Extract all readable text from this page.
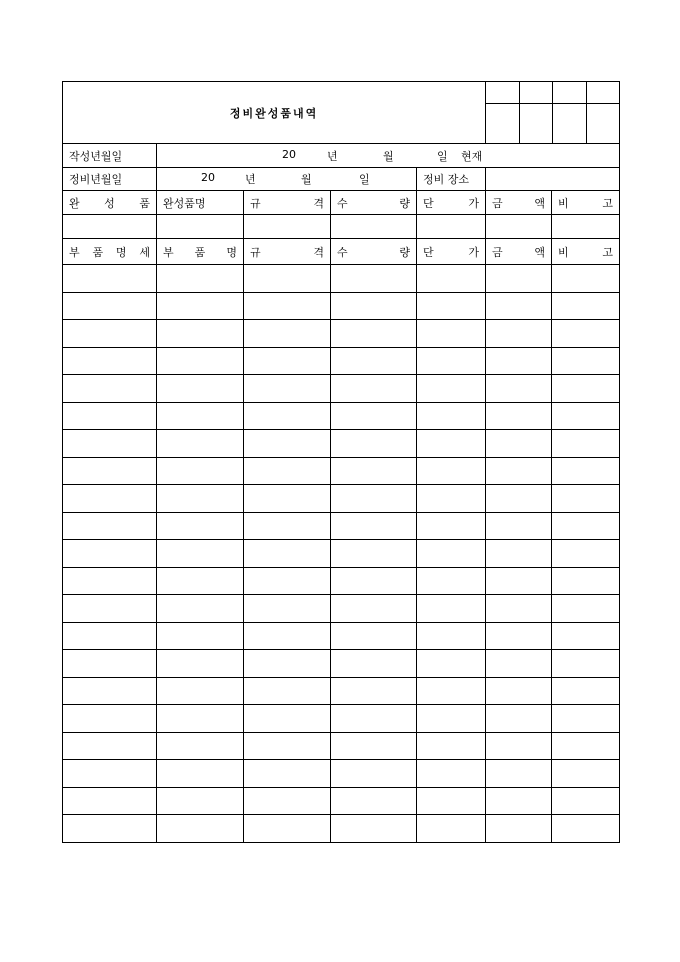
정비완성품내역						

작성년월일	20 년 월 일 현재					

정비년월일	20 년 월 일			정비 장소		

완 성 품	완성품명	규 격	수 량	단 가	금 액	비 고

부 품 명 세	부 품 명	규 격	수 량	단 가	금 액	비 고
